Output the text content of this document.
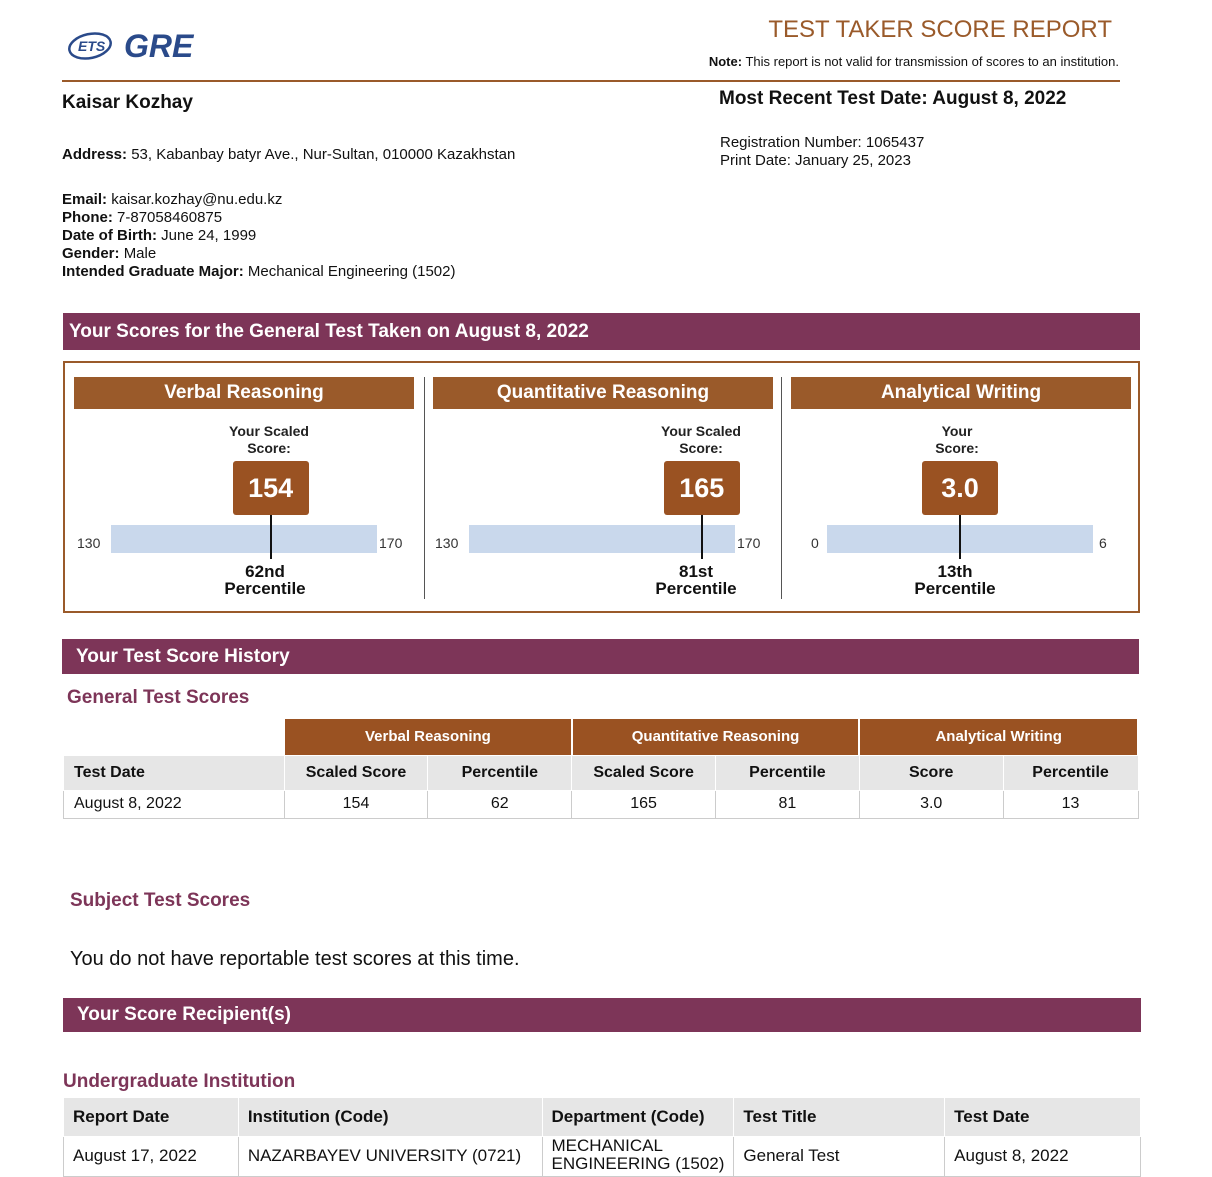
ETS GRE	TEST TAKER SCORE REPORT
Note: This report is not valid for transmission of scores to an institution.
Kaisar Kozhay	Most Recent Test Date: August 8, 2022
Registration Number: 1065437
Print Date: January 25, 2023
Address: 53, Kabanbay batyr Ave., Nur-Sultan, 010000 Kazakhstan
Email: kaisar.kozhay@nu.edu.kz
Phone: 7-87058460875
Date of Birth: June 24, 1999
Gender: Male
Intended Graduate Major: Mechanical Engineering (1502)
Your Scores for the General Test Taken on August 8, 2022
Verbal Reasoning
Your Scaled
Score:
130	170
154
62nd
Percentile
Quantitative Reasoning
Your Scaled
Score:
130	170
165
81st
Percentile
Analytical Writing
Your
Score:
0	6
3.0
13th
Percentile
Your Test Score History
General Test Scores
	Verbal Reasoning		Quantitative Reasoning		Analytical Writing	
Test Date	Scaled Score	Percentile	Scaled Score	Percentile	Score	Percentile
August 8, 2022	154	62	165	81	3.0	13
Subject Test Scores
You do not have reportable test scores at this time.
Your Score Recipient(s)
Undergraduate Institution
Report Date	Institution (Code)	Department (Code)	Test Title	Test Date
August 17, 2022	NAZARBAYEV UNIVERSITY (0721)	MECHANICAL ENGINEERING (1502)	General Test	August 8, 2022
